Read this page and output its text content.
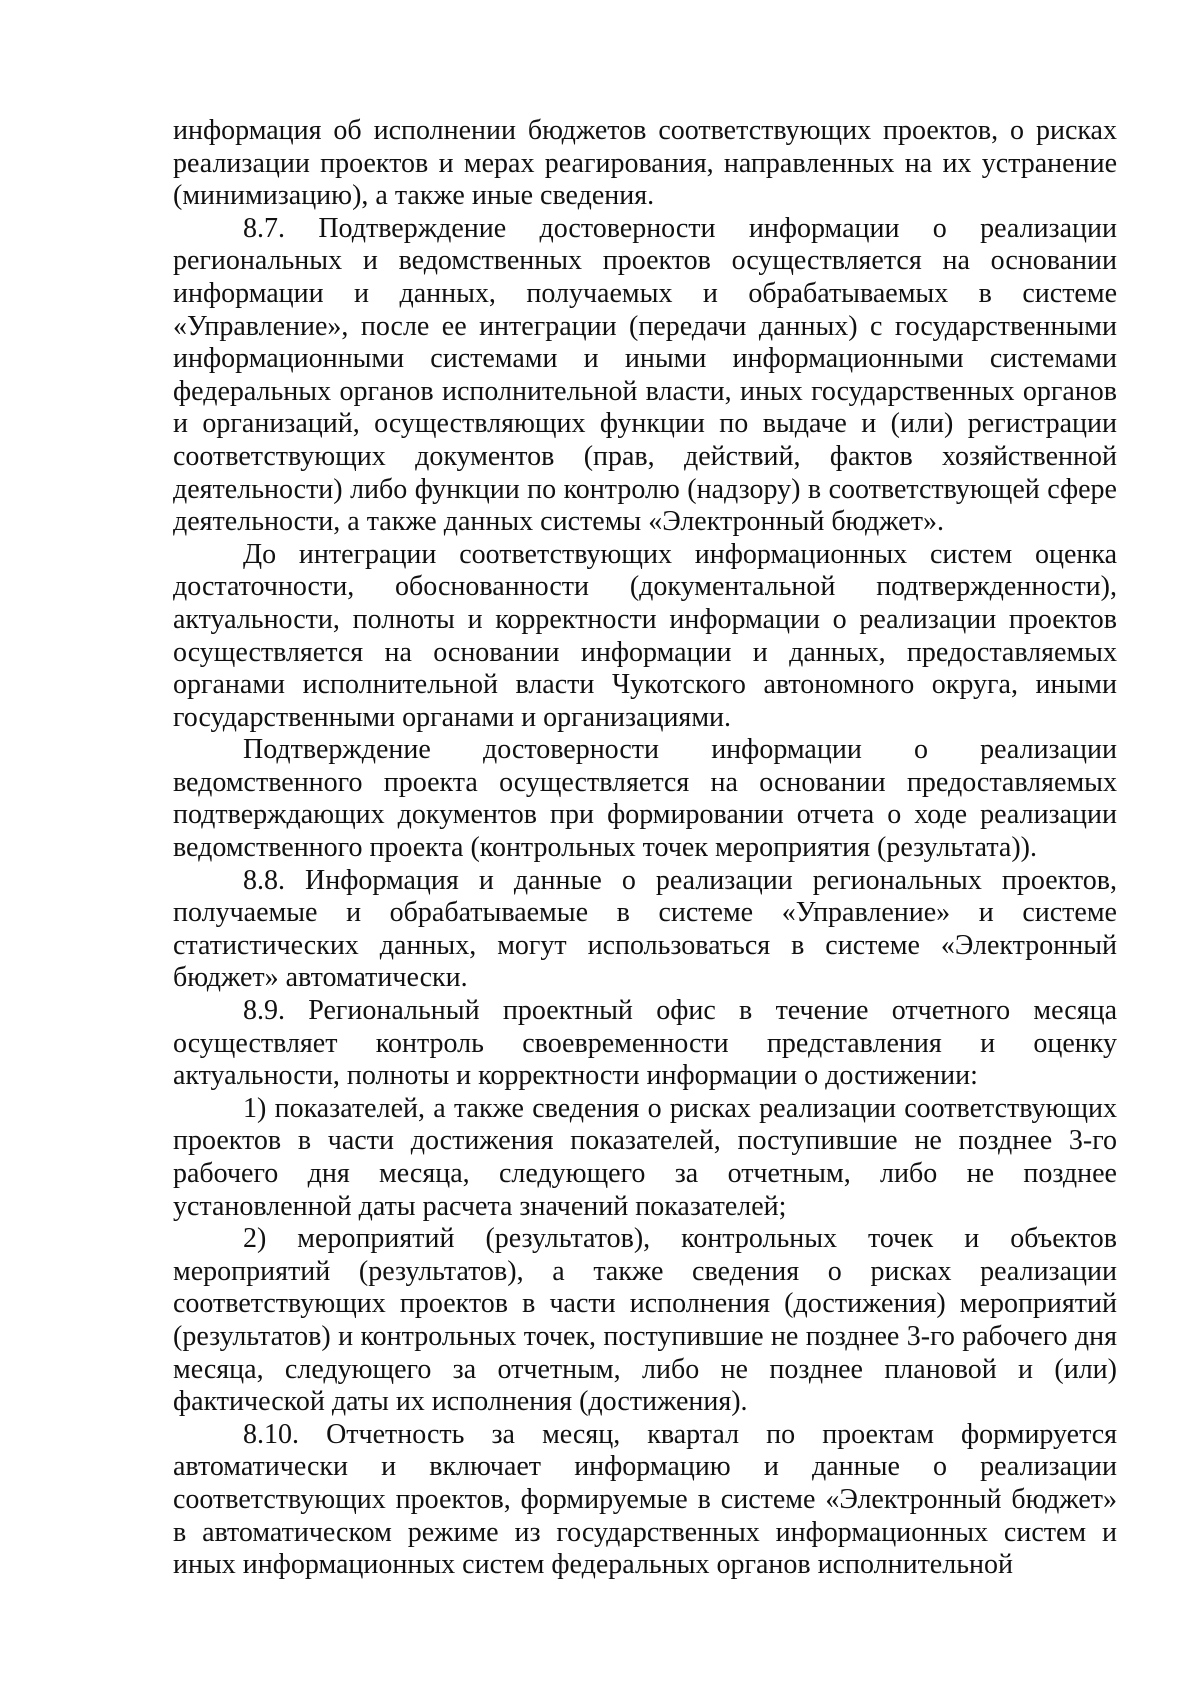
информация об исполнении бюджетов соответствующих проектов, о рисках реализации проектов и мерах реагирования, направленных на их устранение (минимизацию), а также иные сведения.

8.7. Подтверждение достоверности информации о реализации региональных и ведомственных проектов осуществляется на основании информации и данных, получаемых и обрабатываемых в системе «Управление», после ее интеграции (передачи данных) с государственными информационными системами и иными информационными системами федеральных органов исполнительной власти, иных государственных органов и организаций, осуществляющих функции по выдаче и (или) регистрации соответствующих документов (прав, действий, фактов хозяйственной деятельности) либо функции по контролю (надзору) в соответствующей сфере деятельности, а также данных системы «Электронный бюджет».

До интеграции соответствующих информационных систем оценка достаточности, обоснованности (документальной подтвержденности), актуальности, полноты и корректности информации о реализации проектов осуществляется на основании информации и данных, предоставляемых органами исполнительной власти Чукотского автономного округа, иными государственными органами и организациями.

Подтверждение достоверности информации о реализации ведомственного проекта осуществляется на основании предоставляемых подтверждающих документов при формировании отчета о ходе реализации ведомственного проекта (контрольных точек мероприятия (результата)).

8.8. Информация и данные о реализации региональных проектов, получаемые и обрабатываемые в системе «Управление» и системе статистических данных, могут использоваться в системе «Электронный бюджет» автоматически.

8.9. Региональный проектный офис в течение отчетного месяца осуществляет контроль своевременности представления и оценку актуальности, полноты и корректности информации о достижении:

1) показателей, а также сведения о рисках реализации соответствующих проектов в части достижения показателей, поступившие не позднее 3-го рабочего дня месяца, следующего за отчетным, либо не позднее установленной даты расчета значений показателей;

2) мероприятий (результатов), контрольных точек и объектов мероприятий (результатов), а также сведения о рисках реализации соответствующих проектов в части исполнения (достижения) мероприятий (результатов) и контрольных точек, поступившие не позднее 3-го рабочего дня месяца, следующего за отчетным, либо не позднее плановой и (или) фактической даты их исполнения (достижения).

8.10. Отчетность за месяц, квартал по проектам формируется автоматически и включает информацию и данные о реализации соответствующих проектов, формируемые в системе «Электронный бюджет» в автоматическом режиме из государственных информационных систем и иных информационных систем федеральных органов исполнительной
